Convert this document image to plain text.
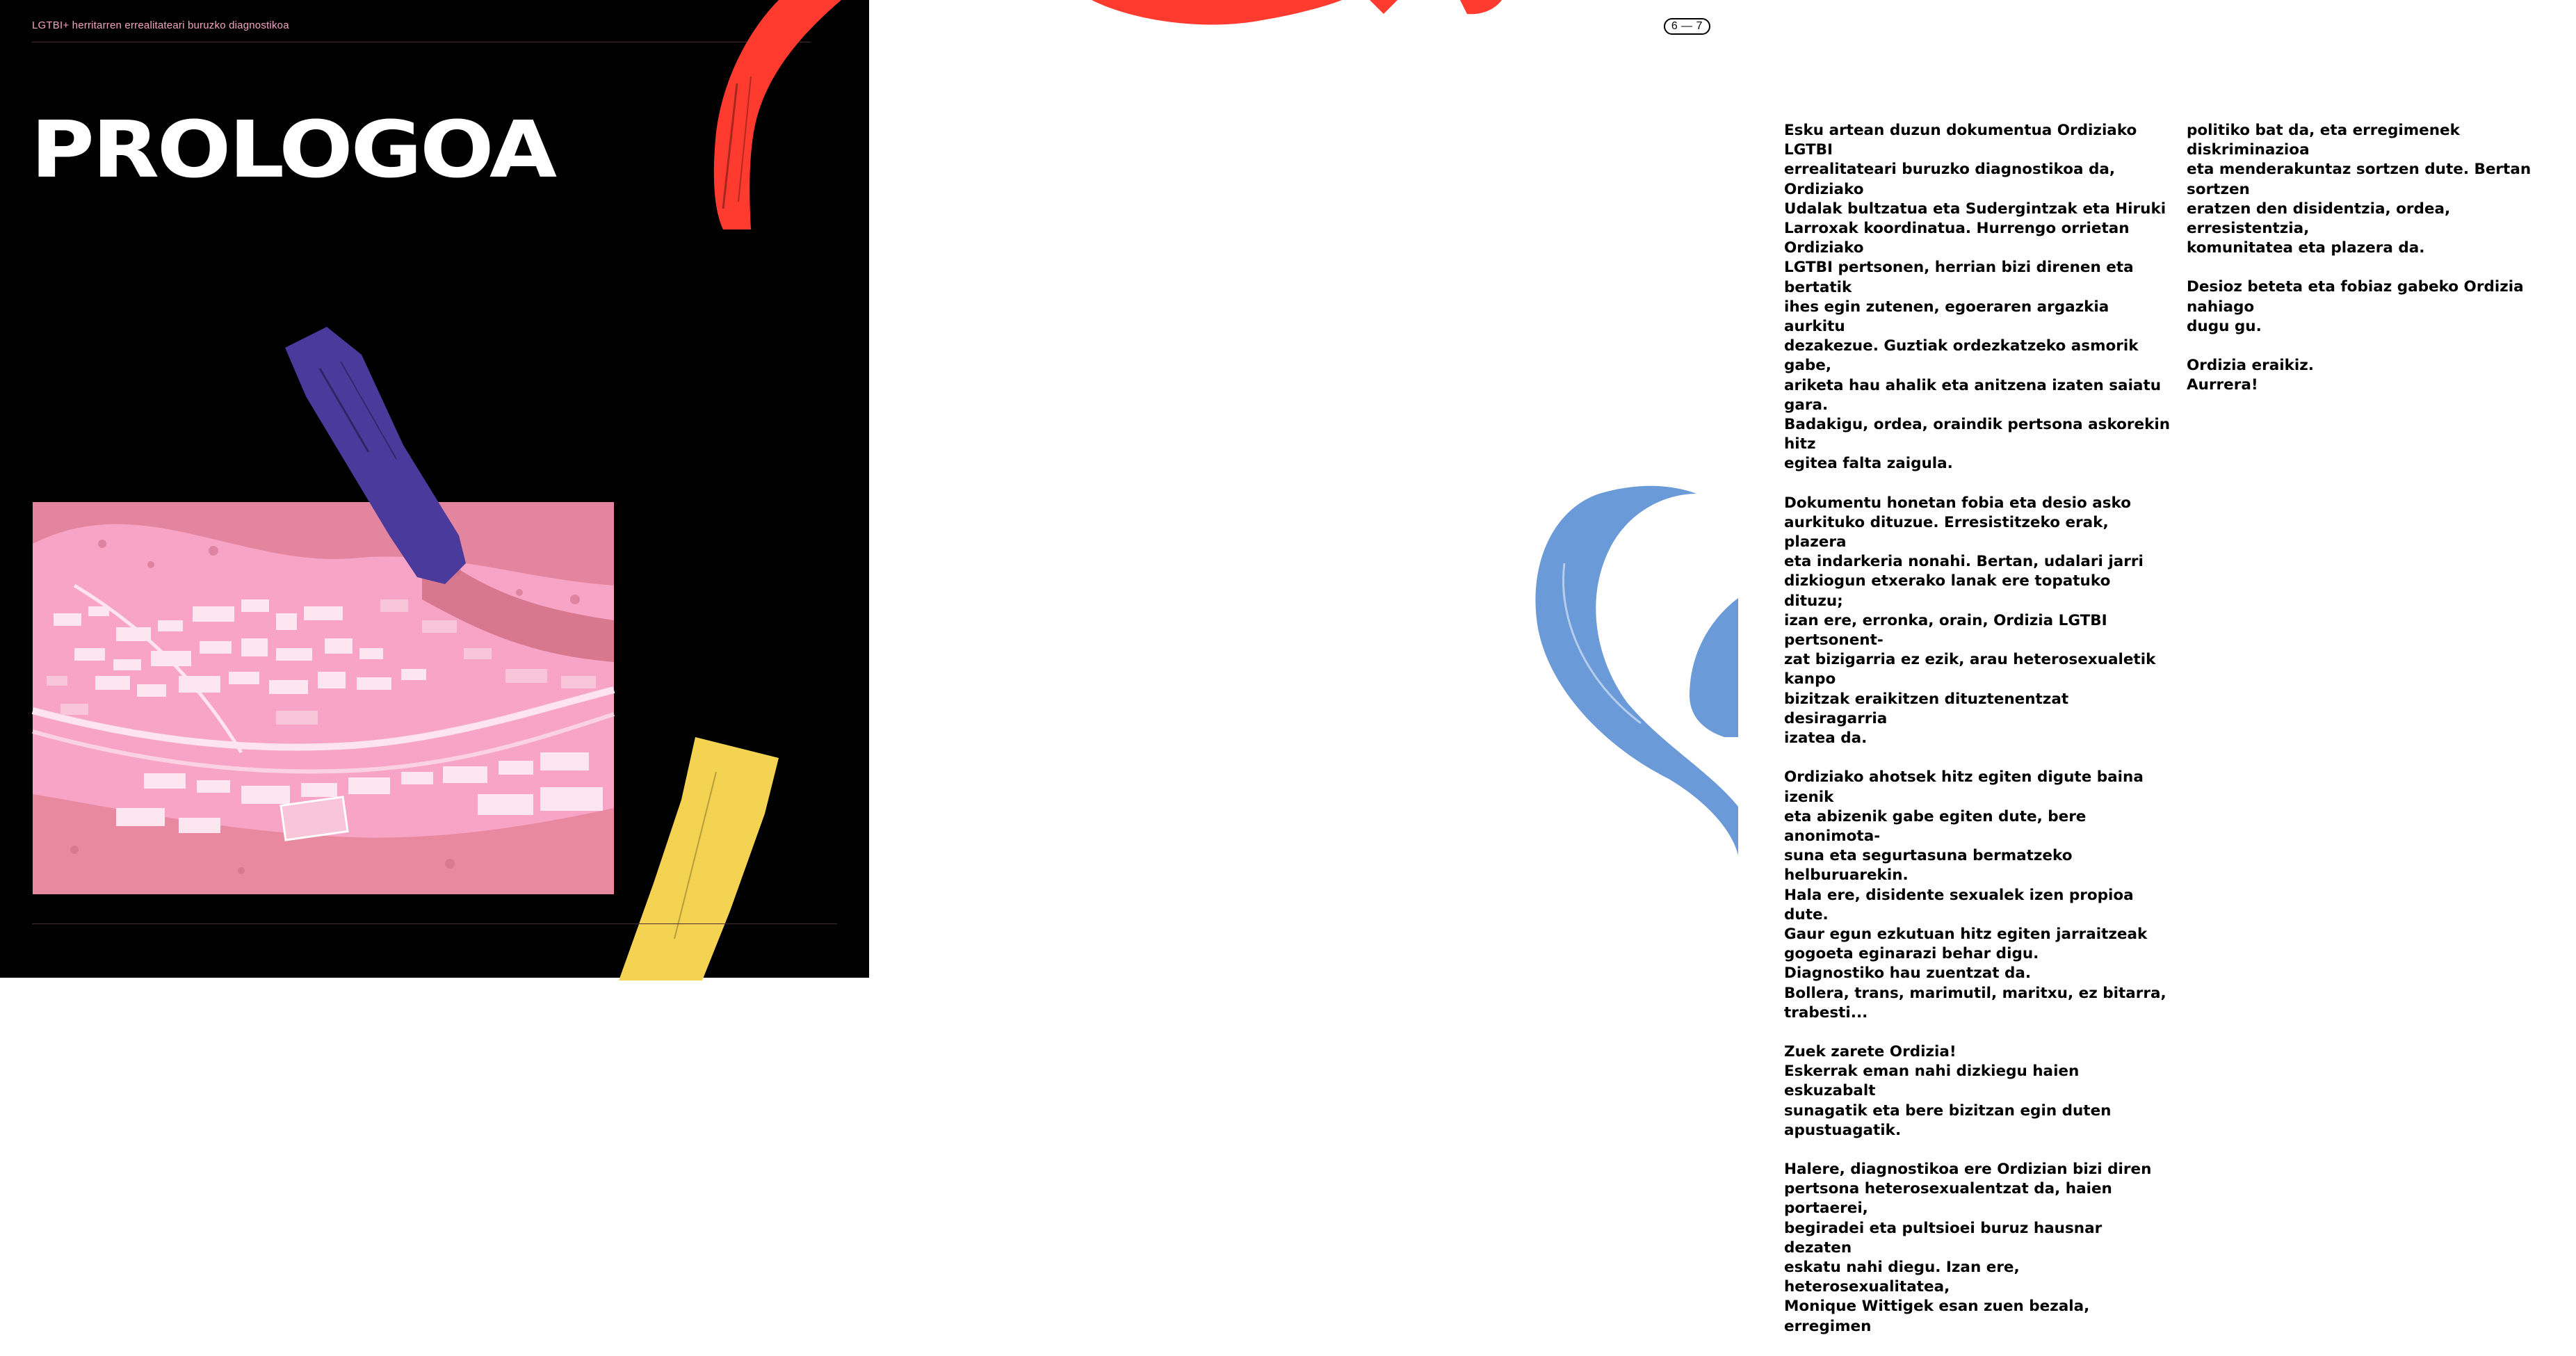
LGTBI+ herritarren errealitateari buruzko diagnostikoa
PROLOGOA
6 — 7

Esku artean duzun dokumentua Ordiziako LGTBI
errealitateari buruzko diagnostikoa da, Ordiziako
Udalak bultzatua eta Sudergintzak eta Hiruki
Larroxak koordinatua. Hurrengo orrietan Ordiziako
LGTBI pertsonen, herrian bizi direnen eta bertatik
ihes egin zutenen, egoeraren argazkia aurkitu
dezakezue. Guztiak ordezkatzeko asmorik gabe,
ariketa hau ahalik eta anitzena izaten saiatu gara.
Badakigu, ordea, oraindik pertsona askorekin hitz
egitea falta zaigula.

Dokumentu honetan fobia eta desio asko
aurkituko dituzue. Erresistitzeko erak, plazera
eta indarkeria nonahi. Bertan, udalari jarri
dizkiogun etxerako lanak ere topatuko dituzu;
izan ere, erronka, orain, Ordizia LGTBI pertsonent-
zat bizigarria ez ezik, arau heterosexualetik kanpo
bizitzak eraikitzen dituztenentzat desiragarria
izatea da.

Ordiziako ahotsek hitz egiten digute baina izenik
eta abizenik gabe egiten dute, bere anonimota-
suna eta segurtasuna bermatzeko helburuarekin.
Hala ere, disidente sexualek izen propioa dute.
Gaur egun ezkutuan hitz egiten jarraitzeak
gogoeta eginarazi behar digu.
Diagnostiko hau zuentzat da.
Bollera, trans, marimutil, maritxu, ez bitarra,
trabesti...

Zuek zarete Ordizia!
Eskerrak eman nahi dizkiegu haien eskuzabalt
sunagatik eta bere bizitzan egin duten
apustuagatik.

Halere, diagnostikoa ere Ordizian bizi diren
pertsona heterosexualentzat da, haien portaerei,
begiradei eta pultsioei buruz hausnar dezaten
eskatu nahi diegu. Izan ere, heterosexualitatea,
Monique Wittigek esan zuen bezala, erregimen

politiko bat da, eta erregimenek diskriminazioa
eta menderakuntaz sortzen dute. Bertan sortzen
eratzen den disidentzia, ordea, erresistentzia,
komunitatea eta plazera da.

Desioz beteta eta fobiaz gabeko Ordizia nahiago
dugu gu.

Ordizia eraikiz.
Aurrera!
